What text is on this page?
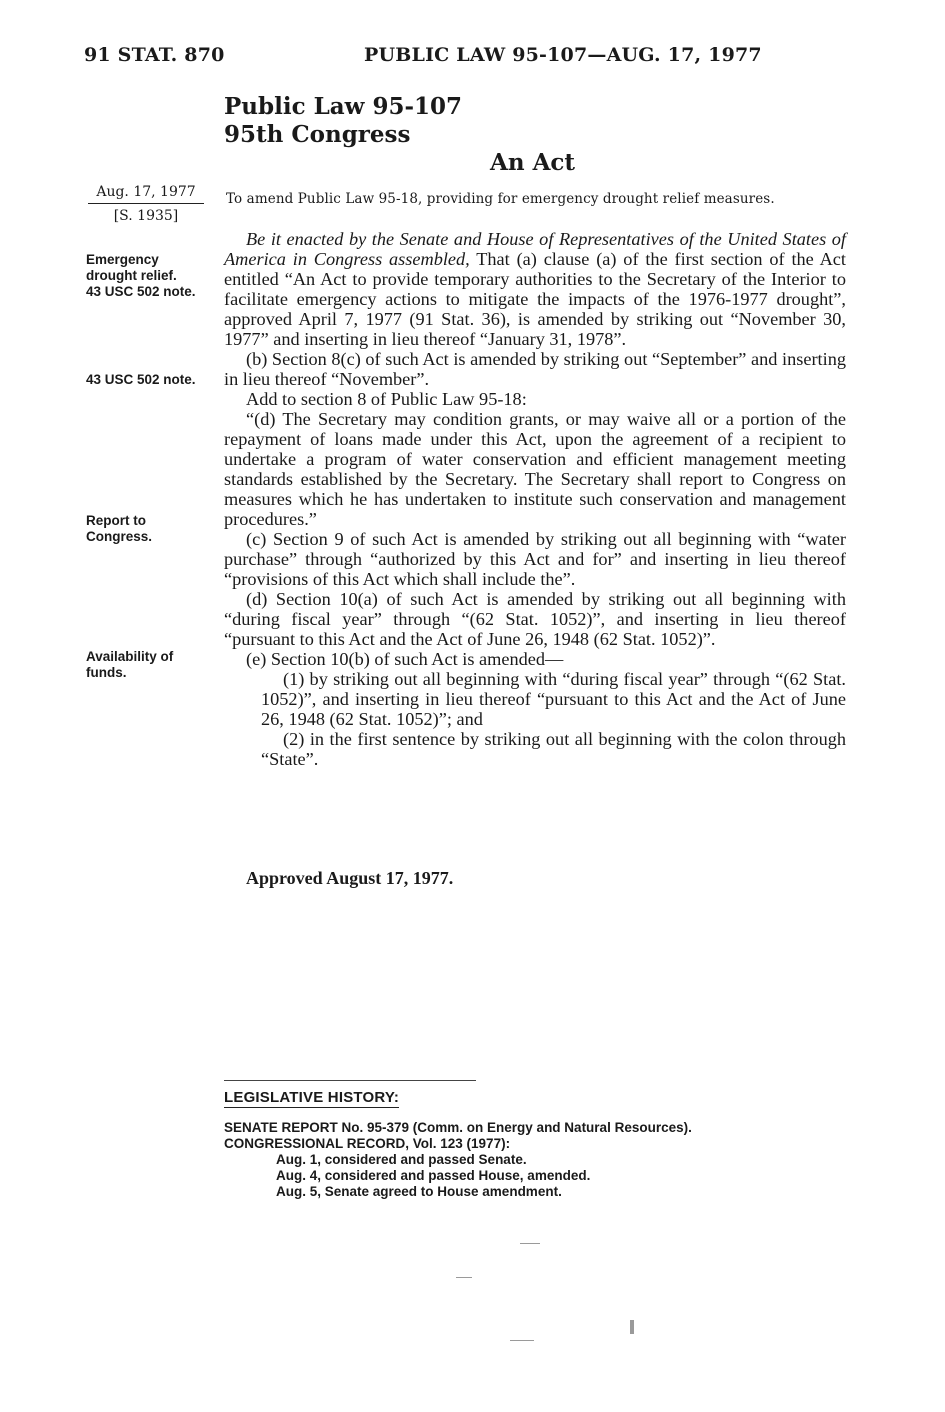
91 STAT. 870	PUBLIC LAW 95-107—AUG. 17, 1977
Public Law 95-107
95th Congress
An Act
Aug. 17, 1977
[S. 1935]
To amend Public Law 95-18, providing for emergency drought relief measures.
Emergency
drought relief.
43 USC 502 note.
43 USC 502 note.
Report to
Congress.
Availability of
funds.

Be it enacted by the Senate and House of Representatives of the United States of America in Congress assembled, That (a) clause (a) of the first section of the Act entitled “An Act to provide temporary authorities to the Secretary of the Interior to facilitate emergency actions to mitigate the impacts of the 1976-1977 drought”, approved April 7, 1977 (91 Stat. 36), is amended by striking out “November 30, 1977” and inserting in lieu thereof “January 31, 1978”.

(b) Section 8(c) of such Act is amended by striking out “September” and inserting in lieu thereof “November”.

Add to section 8 of Public Law 95-18:

“(d) The Secretary may condition grants, or may waive all or a portion of the repayment of loans made under this Act, upon the agreement of a recipient to undertake a program of water conservation and efficient management meeting standards established by the Secretary. The Secretary shall report to Congress on measures which he has undertaken to institute such conservation and management procedures.”

(c) Section 9 of such Act is amended by striking out all beginning with “water purchase” through “authorized by this Act and for” and inserting in lieu thereof “provisions of this Act which shall include the”.

(d) Section 10(a) of such Act is amended by striking out all beginning with “during fiscal year” through “(62 Stat. 1052)”, and inserting in lieu thereof “pursuant to this Act and the Act of June 26, 1948 (62 Stat. 1052)”.

(e) Section 10(b) of such Act is amended—

(1) by striking out all beginning with “during fiscal year” through “(62 Stat. 1052)”, and inserting in lieu thereof “pursuant to this Act and the Act of June 26, 1948 (62 Stat. 1052)”; and

(2) in the first sentence by striking out all beginning with the colon through “State”.

Approved August 17, 1977.
LEGISLATIVE HISTORY:
SENATE REPORT No. 95-379 (Comm. on Energy and Natural Resources).
CONGRESSIONAL RECORD, Vol. 123 (1977):
Aug. 1, considered and passed Senate.
Aug. 4, considered and passed House, amended.
Aug. 5, Senate agreed to House amendment.
